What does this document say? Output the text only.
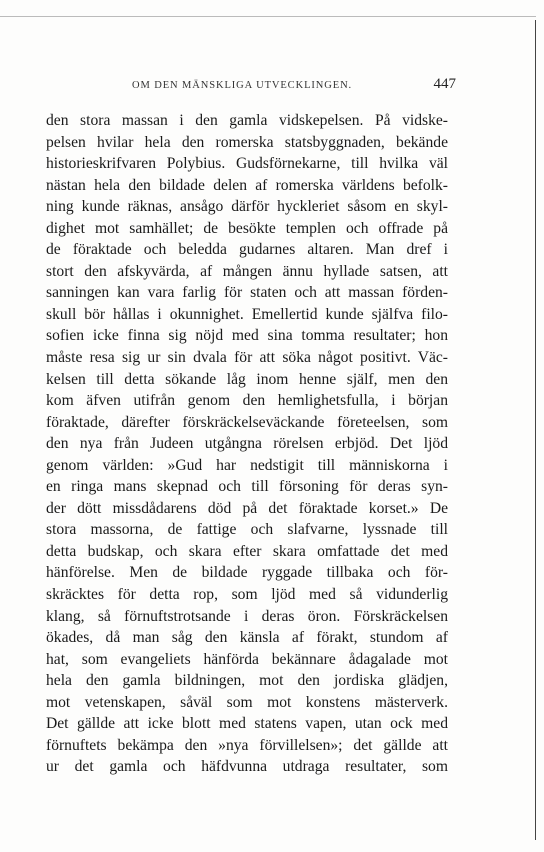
OM DEN MÄNSKLIGA UTVECKLINGEN.	447
den stora massan i den gamla vidskepelsen. På vidske-
pelsen hvilar hela den romerska statsbyggnaden, bekände
historieskrifvaren Polybius. Gudsförnekarne, till hvilka väl
nästan hela den bildade delen af romerska världens befolk-
ning kunde räknas, ansågo därför hyckleriet såsom en skyl-
dighet mot samhället; de besökte templen och offrade på
de föraktade och beledda gudarnes altaren. Man dref i
stort den afskyvärda, af mången ännu hyllade satsen, att
sanningen kan vara farlig för staten och att massan förden-
skull bör hållas i okunnighet. Emellertid kunde själfva filo-
sofien icke finna sig nöjd med sina tomma resultater; hon
måste resa sig ur sin dvala för att söka något positivt. Väc-
kelsen till detta sökande låg inom henne själf, men den
kom äfven utifrån genom den hemlighetsfulla, i början
föraktade, därefter förskräckelseväckande företeelsen, som
den nya från Judeen utgångna rörelsen erbjöd. Det ljöd
genom världen: »Gud har nedstigit till människorna i
en ringa mans skepnad och till försoning för deras syn-
der dött missdådarens död på det föraktade korset.» De
stora massorna, de fattige och slafvarne, lyssnade till
detta budskap, och skara efter skara omfattade det med
hänförelse. Men de bildade ryggade tillbaka och för-
skräcktes för detta rop, som ljöd med så vidunderlig
klang, så förnuftstrotsande i deras öron. Förskräckelsen
ökades, då man såg den känsla af förakt, stundom af
hat, som evangeliets hänförda bekännare ådagalade mot
hela den gamla bildningen, mot den jordiska glädjen,
mot vetenskapen, såväl som mot konstens mästerverk.
Det gällde att icke blott med statens vapen, utan ock med
förnuftets bekämpa den »nya förvillelsen»; det gällde att
ur det gamla och häfdvunna utdraga resultater, som
